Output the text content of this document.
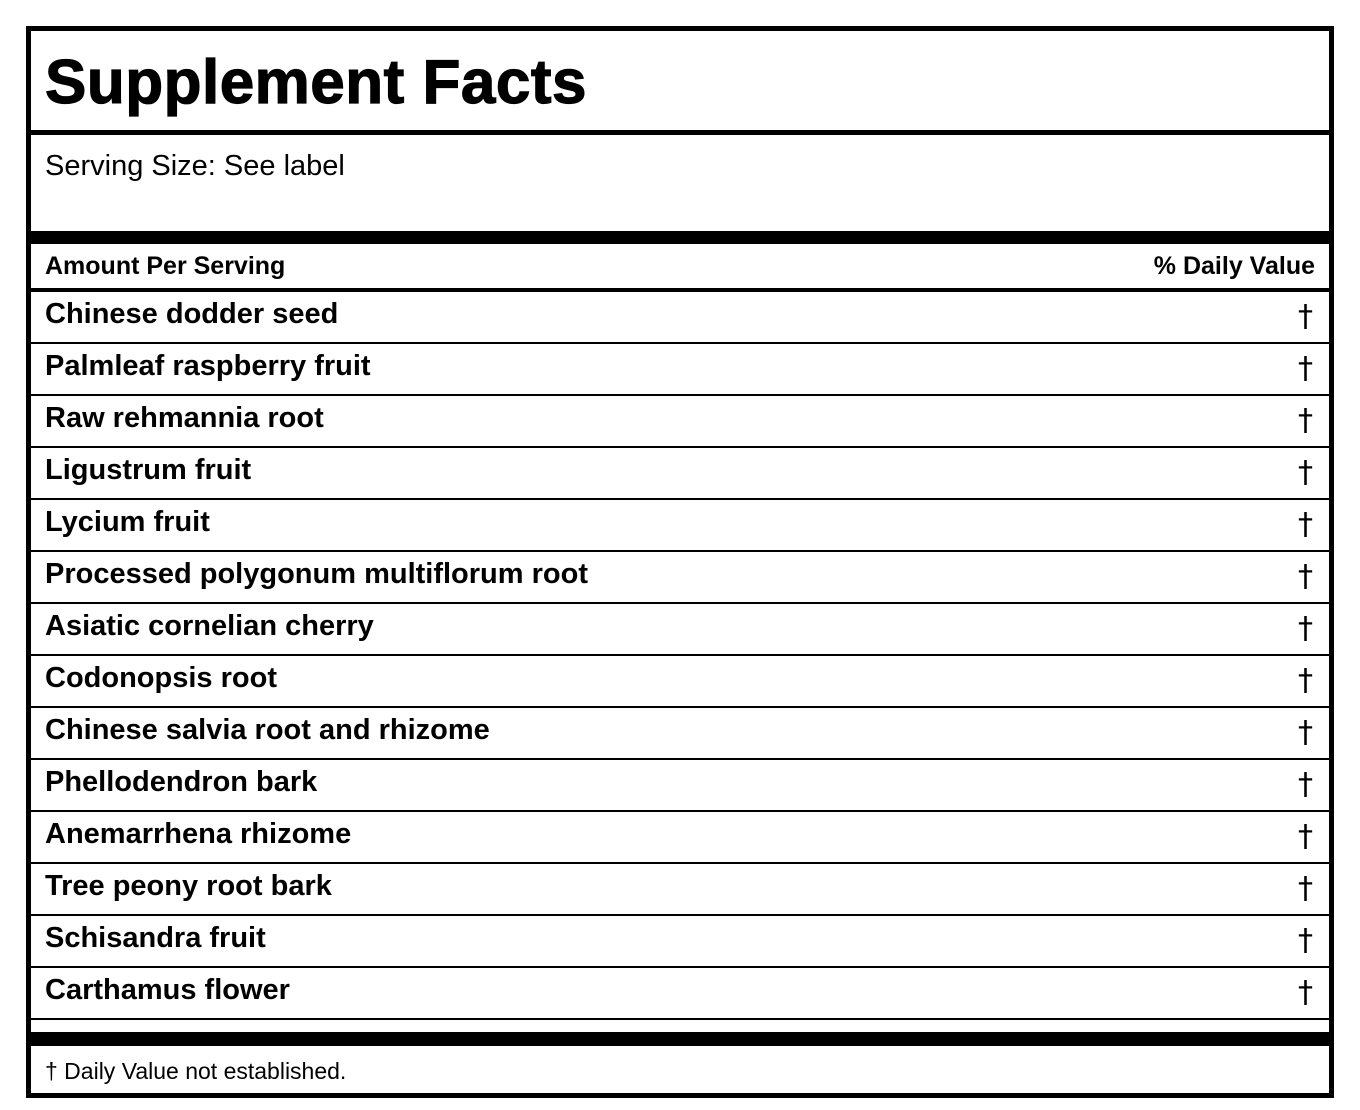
Supplement Facts
Serving Size: See label
Amount Per Serving	% Daily Value
Chinese dodder seed	†
Palmleaf raspberry fruit	†
Raw rehmannia root	†
Ligustrum fruit	†
Lycium fruit	†
Processed polygonum multiflorum root	†
Asiatic cornelian cherry	†
Codonopsis root	†
Chinese salvia root and rhizome	†
Phellodendron bark	†
Anemarrhena rhizome	†
Tree peony root bark	†
Schisandra fruit	†
Carthamus flower	†
† Daily Value not established.
